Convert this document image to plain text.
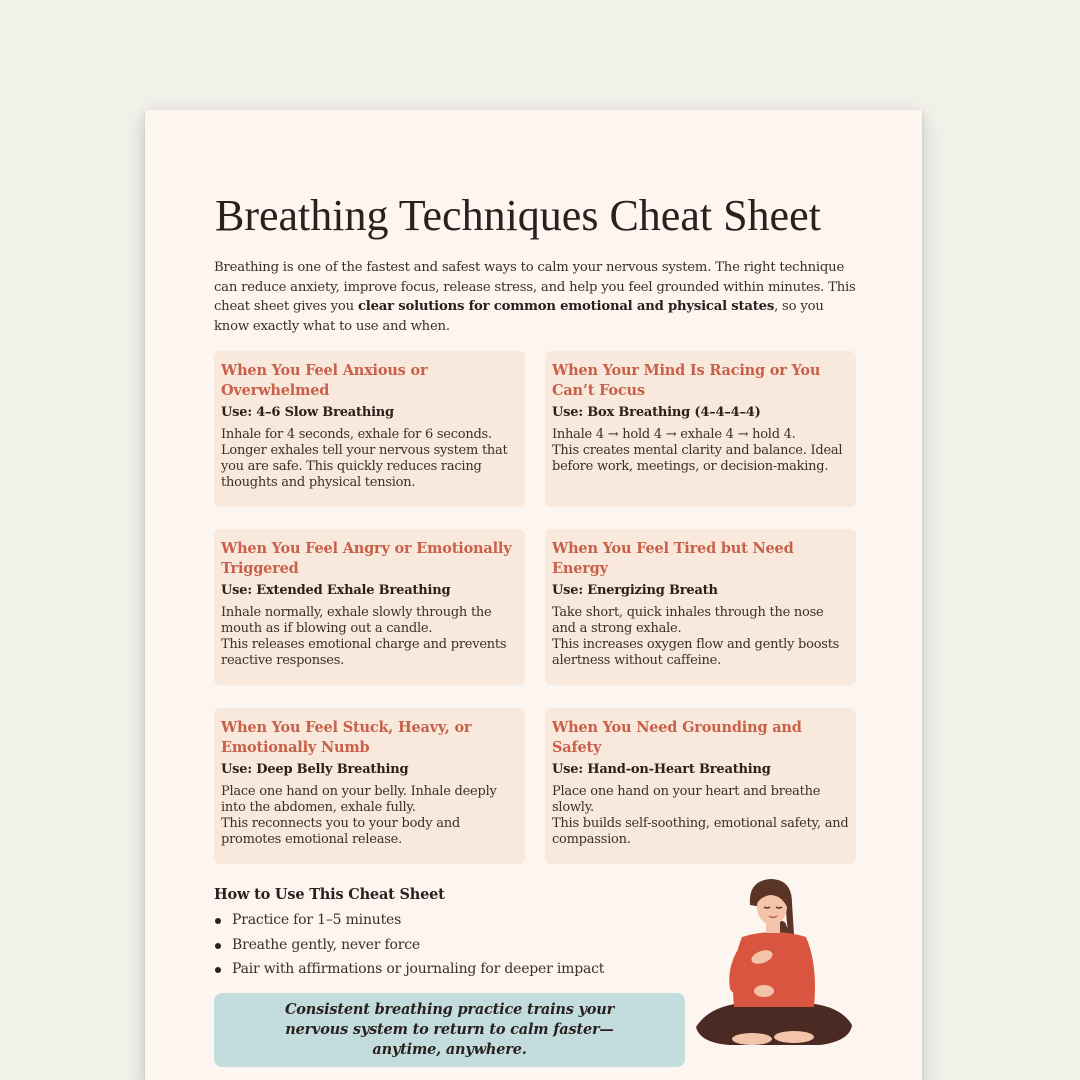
Breathing Techniques Cheat Sheet

Breathing is one of the fastest and safest ways to calm your nervous system. The right technique can reduce anxiety, improve focus, release stress, and help you feel grounded within minutes. This cheat sheet gives you clear solutions for common emotional and physical states, so you know exactly what to use and when.

When You Feel Anxious or Overwhelmed
Use: 4–6 Slow Breathing

Inhale for 4 seconds, exhale for 6 seconds. Longer exhales tell your nervous system that you are safe. This quickly reduces racing thoughts and physical tension.

When Your Mind Is Racing or You Can’t Focus
Use: Box Breathing (4–4–4–4)

Inhale 4 → hold 4 → exhale 4 → hold 4.

This creates mental clarity and balance. Ideal before work, meetings, or decision-making.

When You Feel Angry or Emotionally Triggered
Use: Extended Exhale Breathing

Inhale normally, exhale slowly through the mouth as if blowing out a candle.

This releases emotional charge and prevents reactive responses.

When You Feel Tired but Need Energy
Use: Energizing Breath

Take short, quick inhales through the nose and a strong exhale.

This increases oxygen flow and gently boosts alertness without caffeine.

When You Feel Stuck, Heavy, or Emotionally Numb
Use: Deep Belly Breathing

Place one hand on your belly. Inhale deeply into the abdomen, exhale fully.

This reconnects you to your body and promotes emotional release.

When You Need Grounding and Safety
Use: Hand-on-Heart Breathing

Place one hand on your heart and breathe slowly.

This builds self-soothing, emotional safety, and compassion.

How to Use This Cheat Sheet
Practice for 1–5 minutes
Breathe gently, never force
Pair with affirmations or journaling for deeper impact
Consistent breathing practice trains your nervous system to return to calm faster—anytime, anywhere.
